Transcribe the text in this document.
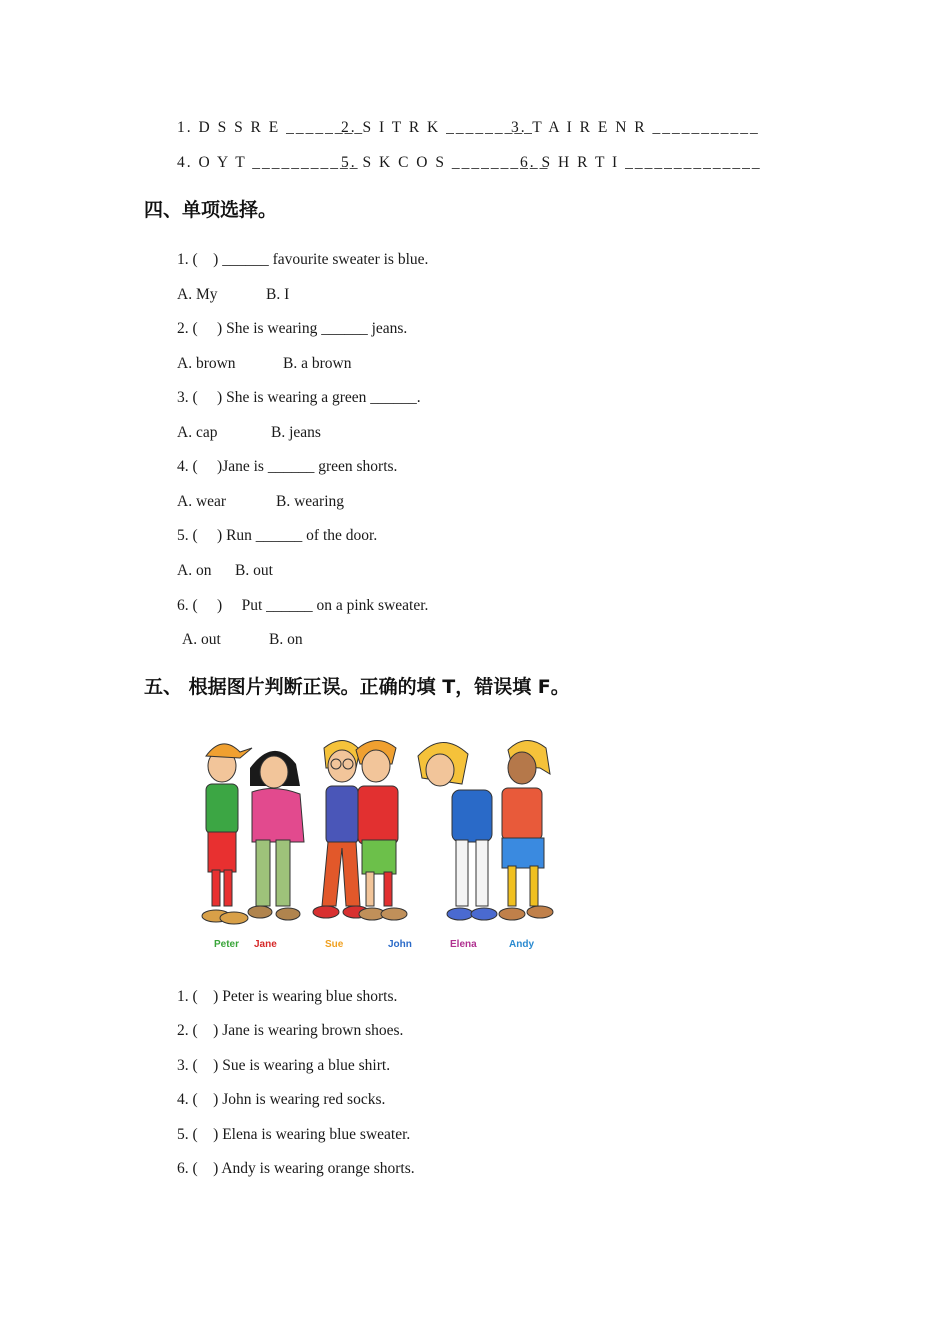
1. D S S R E ________
2. S I T R K _________
3. T A I R E N R ___________
4. O Y T ___________
5. S K C O S __________
6. S H R T I ______________
四、单项选择。
1. (    ) ______ favourite sweater is blue.
A. My	B. I
2. (     ) She is wearing ______ jeans.
A. brown	B. a brown
3. (     ) She is wearing a green ______.
A. cap	B. jeans
4. (     )Jane is ______ green shorts.
A. wear	B. wearing
5. (     ) Run ______ of the door.
A. on B. out
6. (     )     Put ______ on a pink sweater.
A. out	B. on
五、 根据图片判断正误。正确的填 T，错误填 F。
Peter Jane	Sue	John	Elena	Andy
1. (    ) Peter is wearing blue shorts.
2. (    ) Jane is wearing brown shoes.
3. (    ) Sue is wearing a blue shirt.
4. (    ) John is wearing red socks.
5. (    ) Elena is wearing blue sweater.
6. (    ) Andy is wearing orange shorts.
